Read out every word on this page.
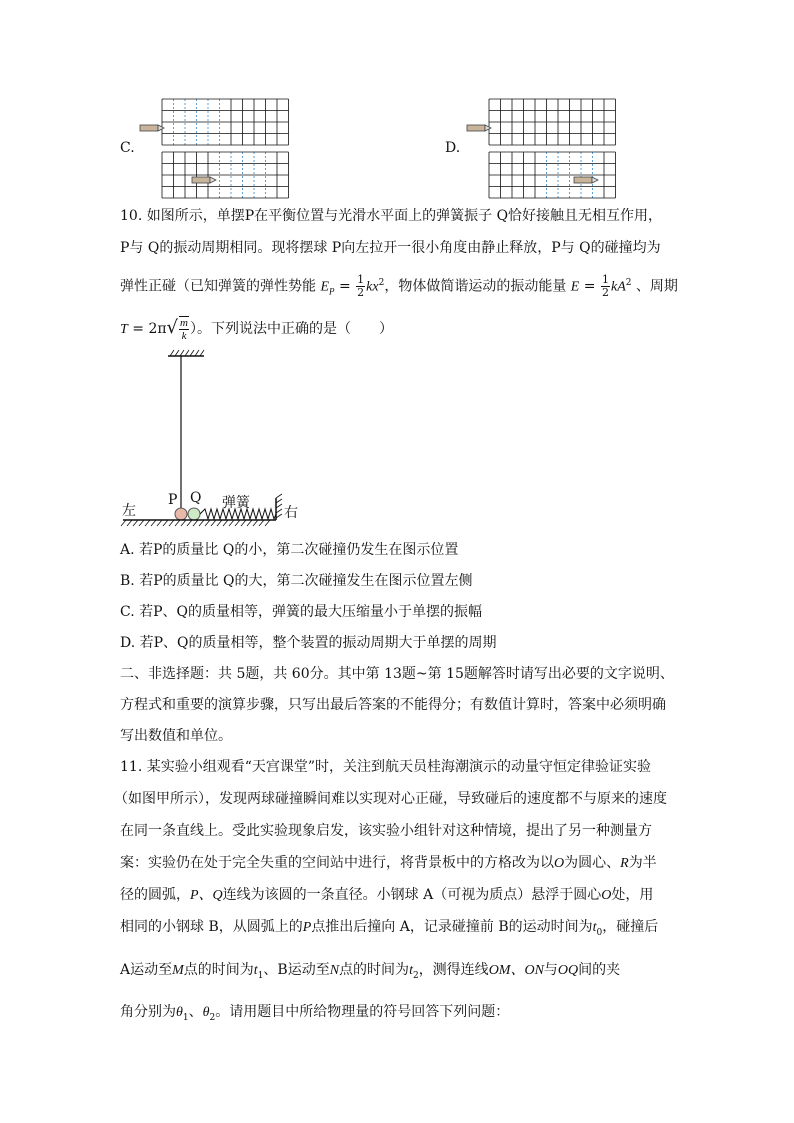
C.	D.
10. 如图所示，单摆P在平衡位置与光滑水平面上的弹簧振子 Q恰好接触且无相互作用，
P与 Q的振动周期相同。现将摆球 P向左拉开一很小角度由静止释放，P与 Q的碰撞均为
弹性正碰（已知弹簧的弹性势能 $E_P = \frac{1}{2} kx^2$，物体做简谐运动的振动能量 $E = \frac{1}{2} kA^2$ 、周期
$T = 2\pi√ \frac{m}{k}$ ）。下列说法中正确的是（　　）
左
P Q 弹簧
右
A. 若P的质量比 Q的小，第二次碰撞仍发生在图示位置
B. 若P的质量比 Q的大，第二次碰撞发生在图示位置左侧
C. 若P、Q的质量相等，弹簧的最大压缩量小于单摆的振幅
D. 若P、Q的质量相等，整个装置的振动周期大于单摆的周期
二、非选择题：共 5题，共 60分。其中第 13题~第 15题解答时请写出必要的文字说明、
方程式和重要的演算步骤，只写出最后答案的不能得分；有数值计算时，答案中必须明确
写出数值和单位。
11. 某实验小组观看“天宫课堂”时，关注到航天员桂海潮演示的动量守恒定律验证实验
（如图甲所示），发现两球碰撞瞬间难以实现对心正碰，导致碰后的速度都不与原来的速度
在同一条直线上。受此实验现象启发，该实验小组针对这种情境，提出了另一种测量方
案：实验仍在处于完全失重的空间站中进行，将背景板中的方格改为以O为圆心、R为半
径的圆弧，P、Q连线为该圆的一条直径。小钢球 A（可视为质点）悬浮于圆心O处，用
相同的小钢球 B，从圆弧上的P点推出后撞向 A，记录碰撞前 B的运动时间为$t_0$，碰撞后
A运动至M点的时间为$t_1$、B运动至N点的时间为$t_2$，测得连线OM、ON与OQ间的夹
角分别为$\theta_1$、$\theta_2$。请用题目中所给物理量的符号回答下列问题：
